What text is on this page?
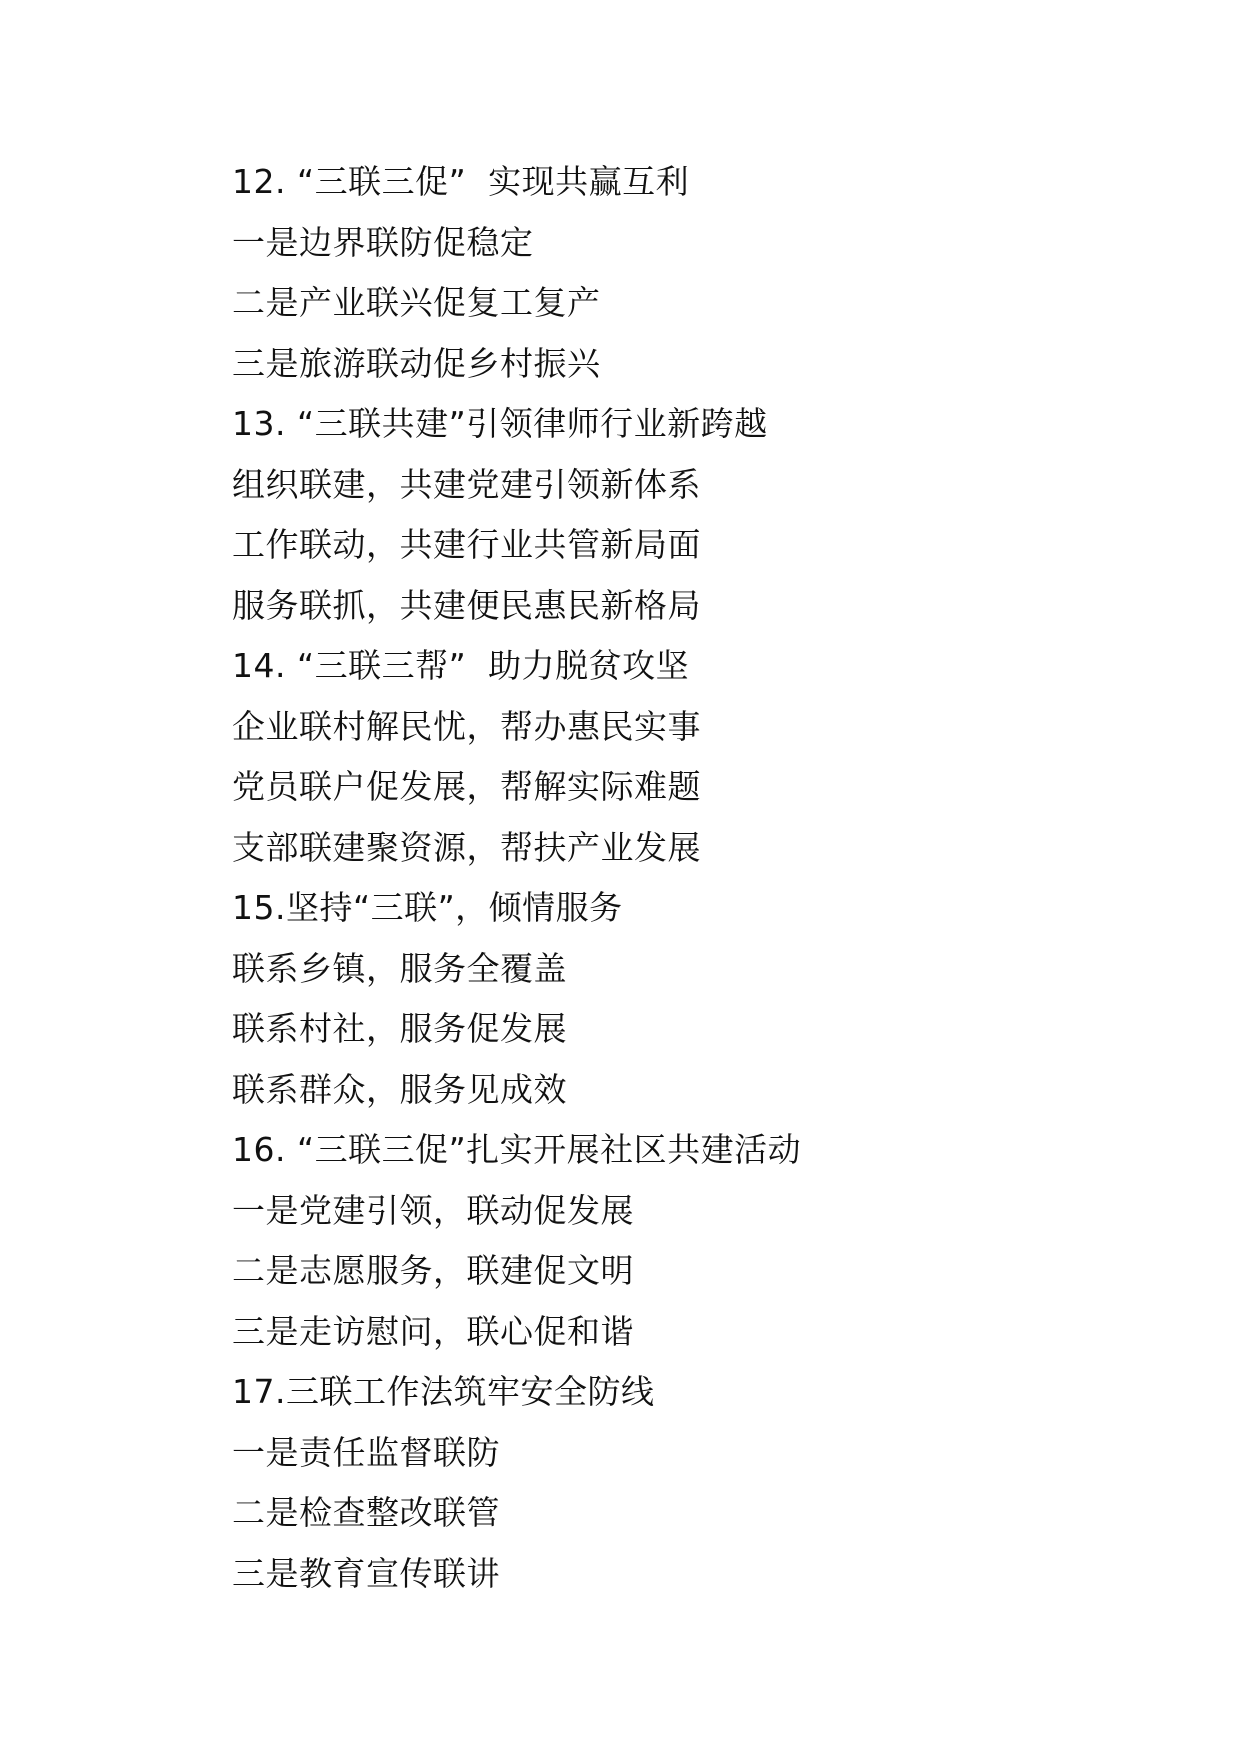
12. “三联三促”  实现共赢互利
一是边界联防促稳定
二是产业联兴促复工复产
三是旅游联动促乡村振兴
13. “三联共建”引领律师行业新跨越
组织联建，共建党建引领新体系
工作联动，共建行业共管新局面
服务联抓，共建便民惠民新格局
14. “三联三帮”  助力脱贫攻坚
企业联村解民忧，帮办惠民实事
党员联户促发展，帮解实际难题
支部联建聚资源，帮扶产业发展
15.坚持“三联”，倾情服务
联系乡镇，服务全覆盖
联系村社，服务促发展
联系群众，服务见成效
16. “三联三促”扎实开展社区共建活动
一是党建引领，联动促发展
二是志愿服务，联建促文明
三是走访慰问，联心促和谐
17.三联工作法筑牢安全防线
一是责任监督联防
二是检查整改联管
三是教育宣传联讲
